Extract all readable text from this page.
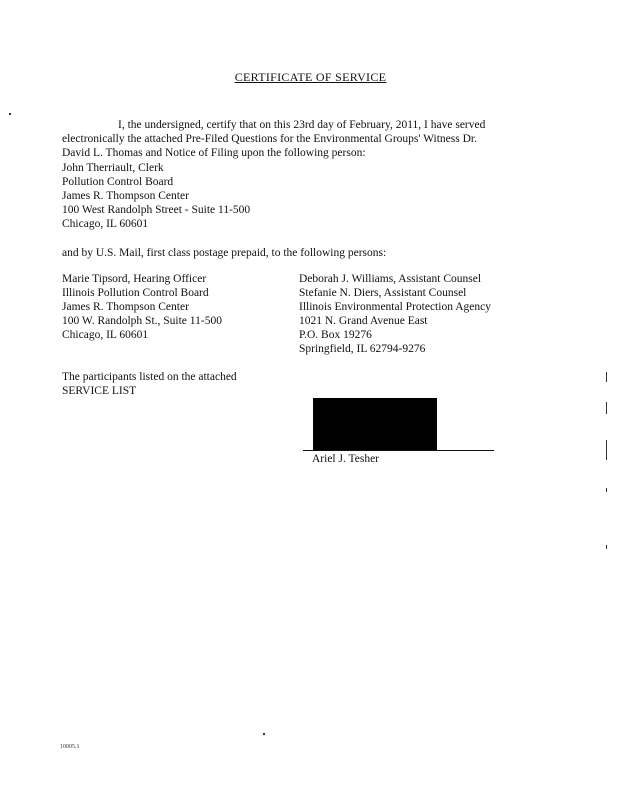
CERTIFICATE OF SERVICE

I, the undersigned, certify that on this 23rd day of February, 2011, I have served

electronically the attached Pre-Filed Questions for the Environmental Groups' Witness Dr.

David L. Thomas and Notice of Filing upon the following person:

John Therriault, Clerk

Pollution Control Board

James R. Thompson Center

100 West Randolph Street - Suite 11-500

Chicago, IL 60601

and by U.S. Mail, first class postage prepaid, to the following persons:

Marie Tipsord, Hearing Officer

Illinois Pollution Control Board

James R. Thompson Center

100 W. Randolph St., Suite 11-500

Chicago, IL 60601

Deborah J. Williams, Assistant Counsel

Stefanie N. Diers, Assistant Counsel

Illinois Environmental Protection Agency

1021 N. Grand Avenue East

P.O. Box 19276

Springfield, IL 62794-9276

The participants listed on the attached

SERVICE LIST

Ariel J. Tesher
10005.1
